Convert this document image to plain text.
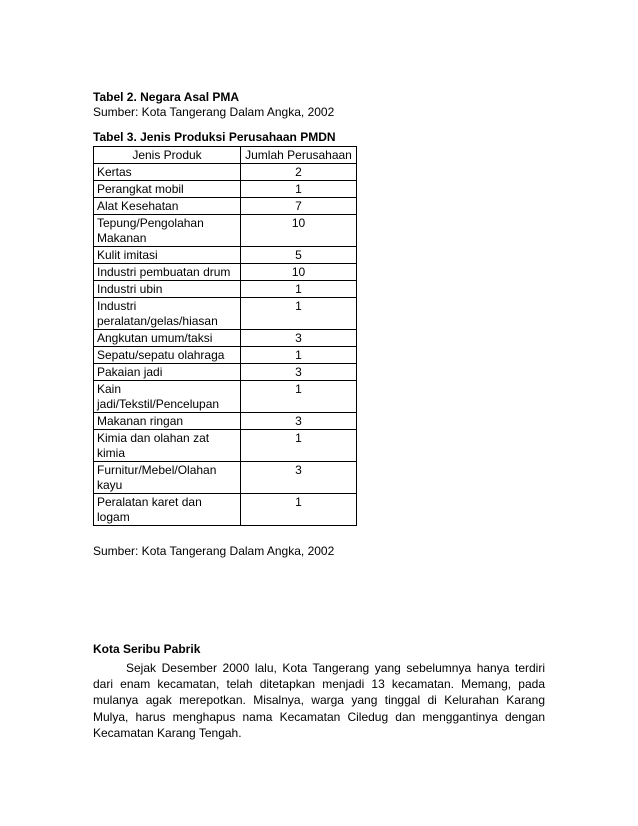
Tabel 2. Negara Asal PMA
Sumber: Kota Tangerang Dalam Angka, 2002
Tabel 3. Jenis Produksi Perusahaan PMDN
Jenis Produk	Jumlah Perusahaan
Kertas	2
Perangkat mobil	1
Alat Kesehatan	7
Tepung/Pengolahan Makanan	10
Kulit imitasi	5
Industri pembuatan drum	10
Industri ubin	1
Industri peralatan/gelas/hiasan	1
Angkutan umum/taksi	3
Sepatu/sepatu olahraga	1
Pakaian jadi	3
Kain jadi/Tekstil/Pencelupan	1
Makanan ringan	3
Kimia dan olahan zat kimia	1
Furnitur/Mebel/Olahan kayu	3
Peralatan karet dan logam	1
Sumber: Kota Tangerang Dalam Angka, 2002
Kota Seribu Pabrik

Sejak Desember 2000 lalu, Kota Tangerang yang sebelumnya hanya terdiri dari enam kecamatan, telah ditetapkan menjadi 13 kecamatan. Memang, pada mulanya agak merepotkan. Misalnya, warga yang tinggal di Kelurahan Karang Mulya, harus menghapus nama Kecamatan Ciledug dan menggantinya dengan Kecamatan Karang Tengah.
